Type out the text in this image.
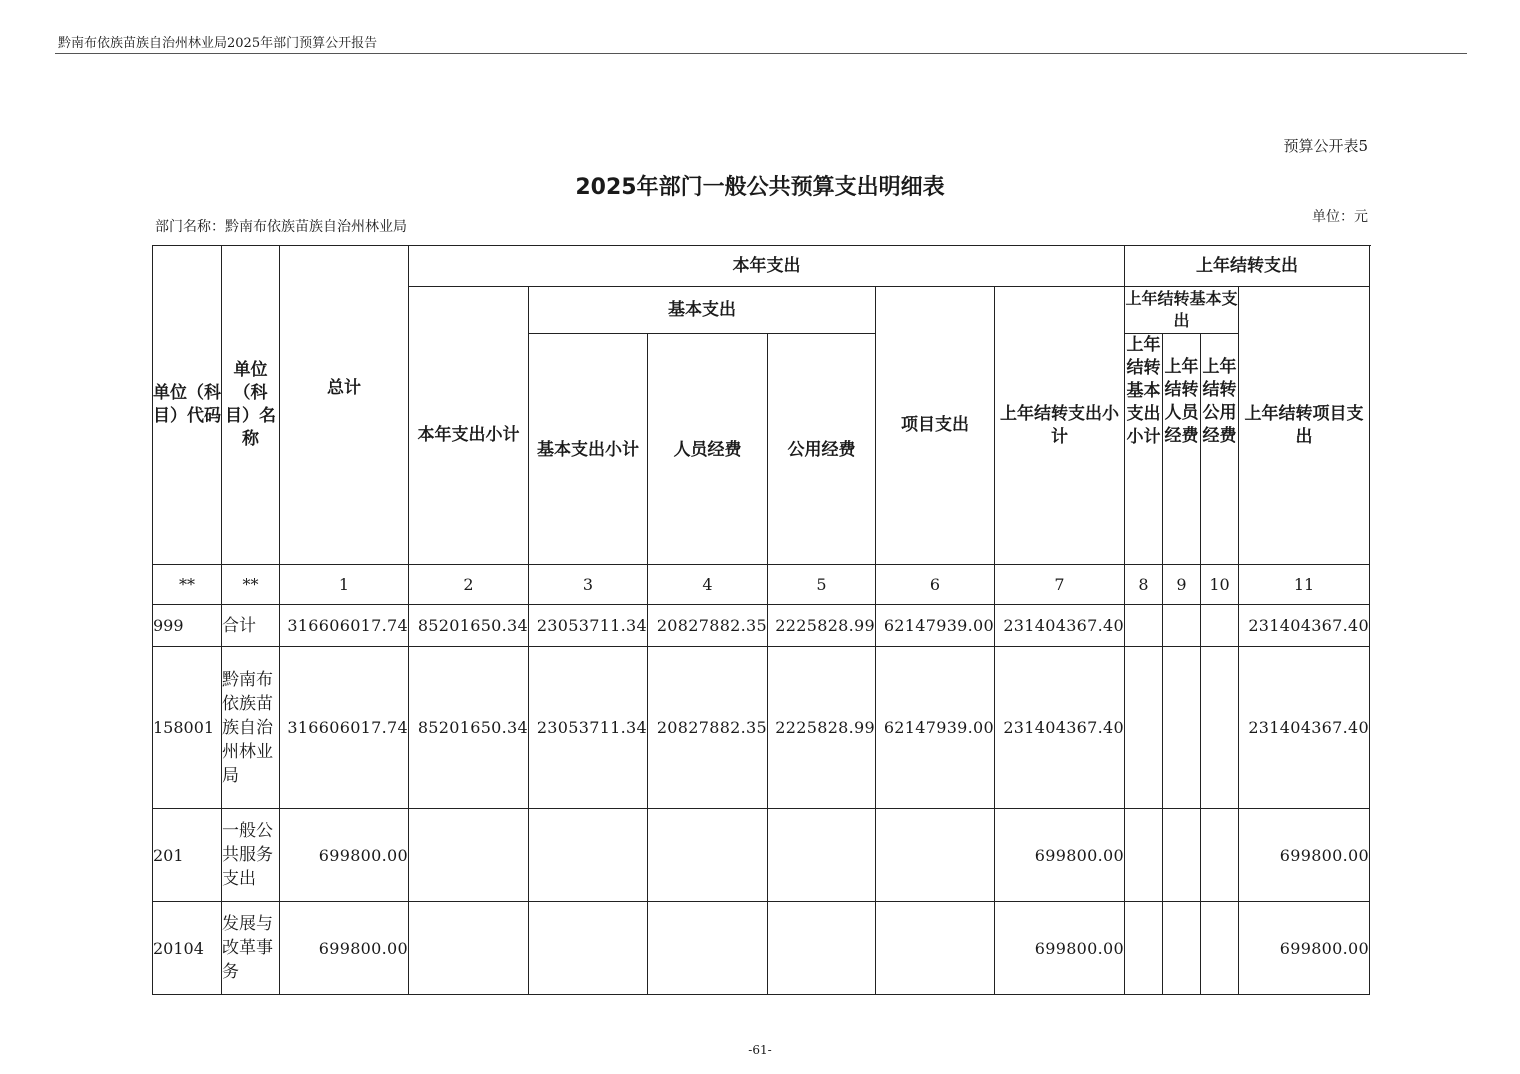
黔南布依族苗族自治州林业局2025年部门预算公开报告
预算公开表5
2025年部门一般公共预算支出明细表
部门名称：黔南布依族苗族自治州林业局
单位：元
单位（科目）代码	单位（科目）名称	总计	本年支出						上年结转支出			
			本年支出小计	基本支出			项目支出	上年结转支出小计	上年结转基本支出			上年结转项目支出
				基本支出小计	人员经费	公用经费			上年结转基本支出小计	上年结转人员经费	上年结转公用经费	

**	**	1	2	3	4	5	6	7	8	9	10	11
999	合计	316606017.74	85201650.34	23053711.34	20827882.35	2225828.99	62147939.00	231404367.40				231404367.40
158001	黔南布依族苗族自治州林业局	316606017.74	85201650.34	23053711.34	20827882.35	2225828.99	62147939.00	231404367.40				231404367.40
201	一般公共服务支出	699800.00						699800.00				699800.00
20104	发展与改革事务	699800.00						699800.00				699800.00
-61-
